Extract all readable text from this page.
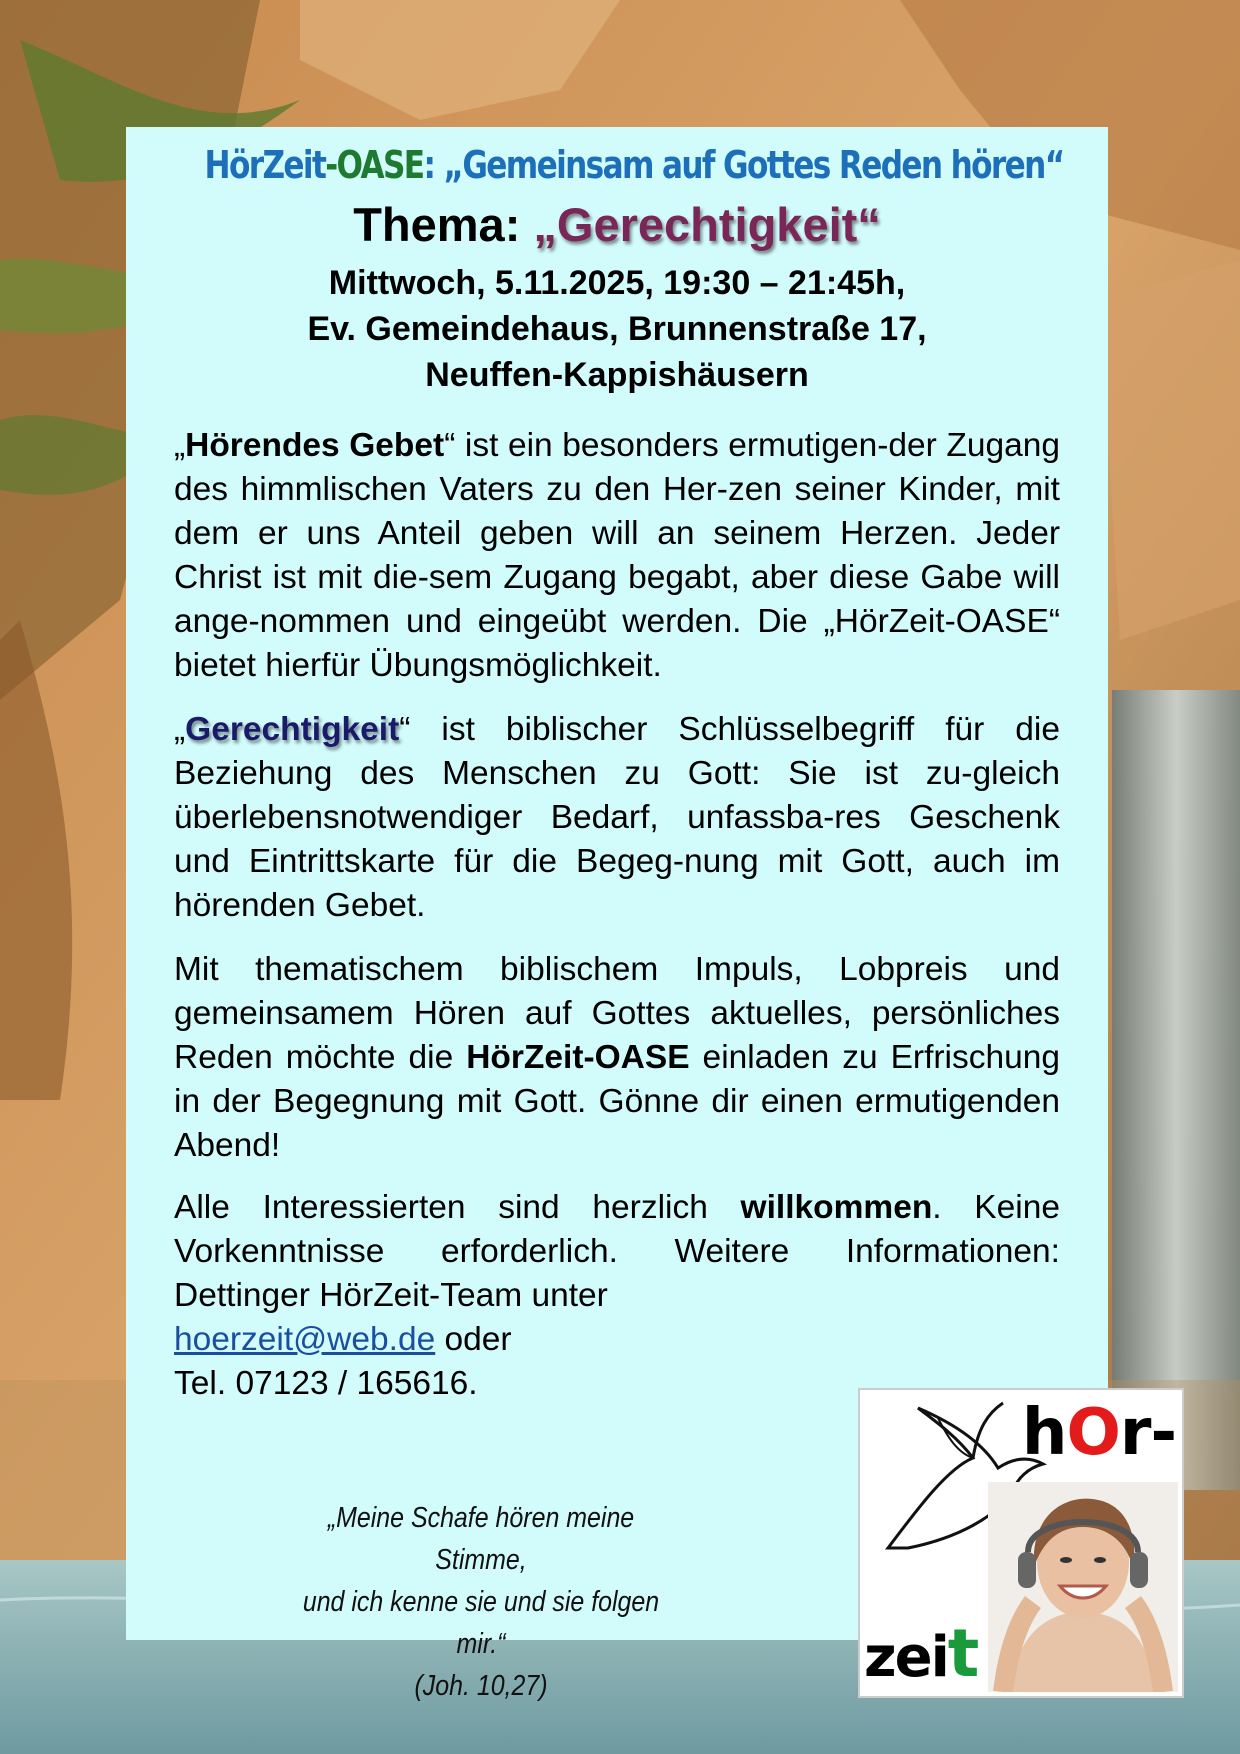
HörZeit-OASE: „Gemeinsam auf Gottes Reden hören“
Thema: „Gerechtigkeit“
Mittwoch, 5.11.2025, 19:30 – 21:45h,
Ev. Gemeindehaus, Brunnenstraße 17,
Neuffen-Kappishäusern

„Hörendes Gebet“ ist ein besonders ermutigen-der Zugang des himmlischen Vaters zu den Her-zen seiner Kinder, mit dem er uns Anteil geben will an seinem Herzen. Jeder Christ ist mit die-sem Zugang begabt, aber diese Gabe will ange-nommen und eingeübt werden. Die „HörZeit-OASE“ bietet hierfür Übungsmöglichkeit.

„Gerechtigkeit“ ist biblischer Schlüsselbegriff für die Beziehung des Menschen zu Gott: Sie ist zu-gleich überlebensnotwendiger Bedarf, unfassba-res Geschenk und Eintrittskarte für die Begeg-nung mit Gott, auch im hörenden Gebet.

Mit thematischem biblischem Impuls, Lobpreis und gemeinsamem Hören auf Gottes aktuelles, persönliches Reden möchte die HörZeit-OASE einladen zu Erfrischung in der Begegnung mit Gott. Gönne dir einen ermutigenden Abend!

Alle Interessierten sind herzlich willkommen. Keine Vorkenntnisse erforderlich. Weitere Informationen: Dettinger HörZeit-Team unter

hoerzeit@web.de oder
Tel. 07123 / 165616.
„Meine Schafe hören meine Stimme,
und ich kenne sie und sie folgen mir.“
(Joh. 10,27)
hOr-
zeit
